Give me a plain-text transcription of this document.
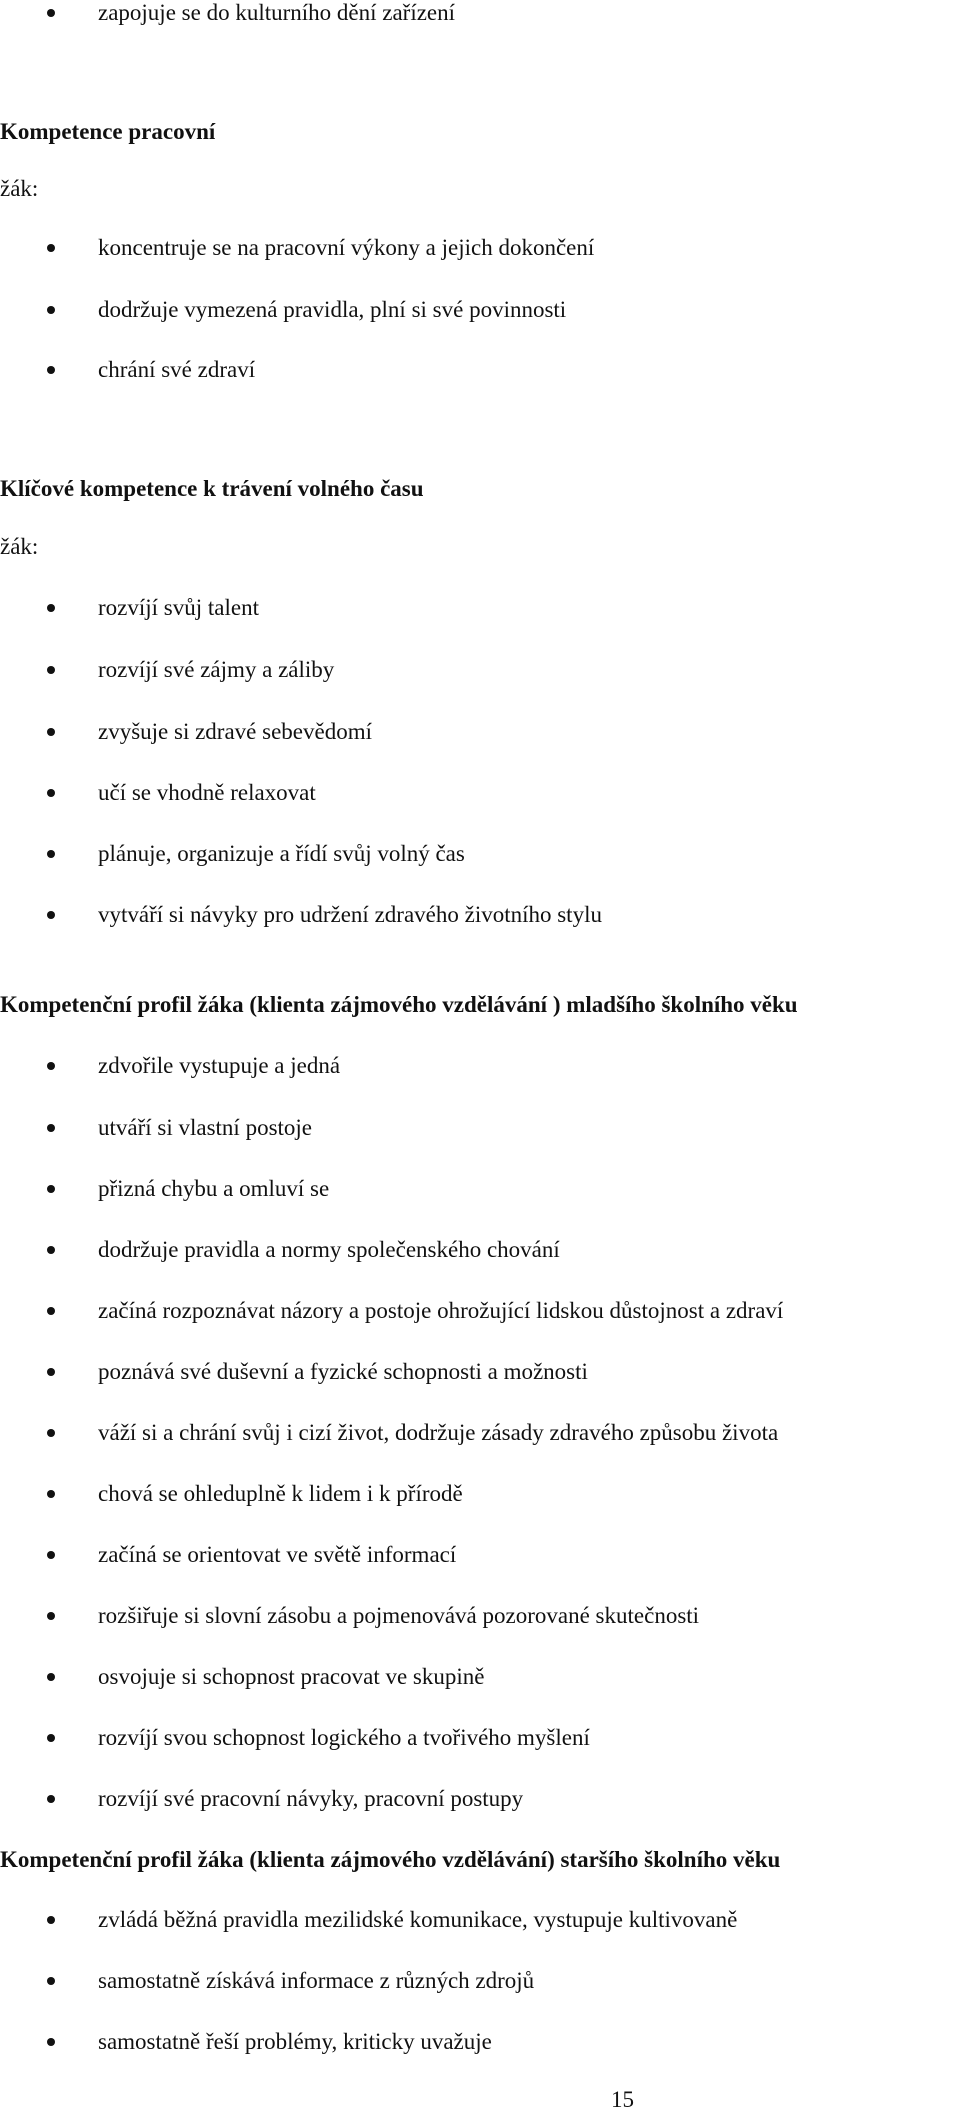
zapojuje se do kulturního dění zařízení
Kompetence pracovní
žák:
koncentruje se na pracovní výkony a jejich dokončení
dodržuje vymezená pravidla, plní si své povinnosti
chrání své zdraví
Klíčové kompetence k trávení volného času
žák:
rozvíjí svůj talent
rozvíjí své zájmy a záliby
zvyšuje si zdravé sebevědomí
učí se vhodně relaxovat
plánuje, organizuje a řídí svůj volný čas
vytváří si návyky pro udržení zdravého životního stylu
Kompetenční profil žáka (klienta zájmového vzdělávání ) mladšího školního věku
zdvořile vystupuje a jedná
utváří si vlastní postoje
přizná chybu a omluví se
dodržuje pravidla a normy společenského chování
začíná rozpoznávat názory a postoje ohrožující lidskou důstojnost a zdraví
poznává své duševní a fyzické schopnosti a možnosti
váží si a chrání svůj i cizí život, dodržuje zásady zdravého způsobu života
chová se ohleduplně k lidem i k přírodě
začíná se orientovat ve světě informací
rozšiřuje si slovní zásobu a pojmenovává pozorované skutečnosti
osvojuje si schopnost pracovat ve skupině
rozvíjí svou schopnost logického a tvořivého myšlení
rozvíjí své pracovní návyky, pracovní postupy
Kompetenční profil žáka (klienta zájmového vzdělávání) staršího školního věku
zvládá běžná pravidla mezilidské komunikace, vystupuje kultivovaně
samostatně získává informace z různých zdrojů
samostatně řeší problémy, kriticky uvažuje
15
